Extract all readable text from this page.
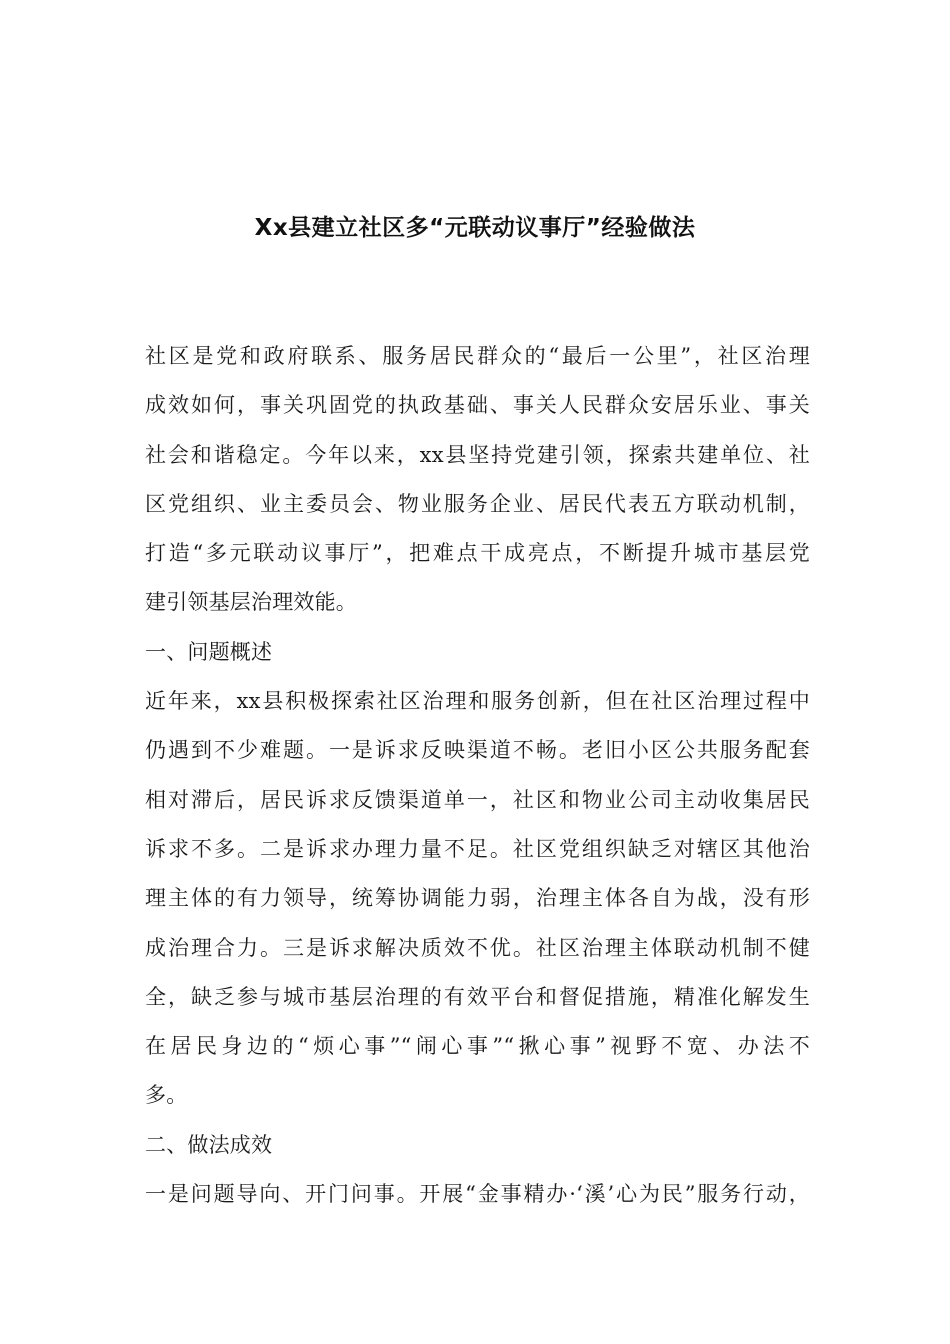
Xx县建立社区多“元联动议事厅”经验做法
社区是党和政府联系、服务居民群众的“最后一公里”，社区治理
成效如何，事关巩固党的执政基础、事关人民群众安居乐业、事关
社会和谐稳定。今年以来，xx县坚持党建引领，探索共建单位、社
区党组织、业主委员会、物业服务企业、居民代表五方联动机制，
打造“多元联动议事厅”，把难点干成亮点，不断提升城市基层党
建引领基层治理效能。
一、问题概述
近年来，xx县积极探索社区治理和服务创新，但在社区治理过程中
仍遇到不少难题。一是诉求反映渠道不畅。老旧小区公共服务配套
相对滞后，居民诉求反馈渠道单一，社区和物业公司主动收集居民
诉求不多。二是诉求办理力量不足。社区党组织缺乏对辖区其他治
理主体的有力领导，统筹协调能力弱，治理主体各自为战，没有形
成治理合力。三是诉求解决质效不优。社区治理主体联动机制不健
全，缺乏参与城市基层治理的有效平台和督促措施，精准化解发生
在居民身边的“烦心事”“闹心事”“揪心事”视野不宽、办法不
多。
二、做法成效
一是问题导向、开门问事。开展“金事精办·‘溪’心为民”服务行动，
